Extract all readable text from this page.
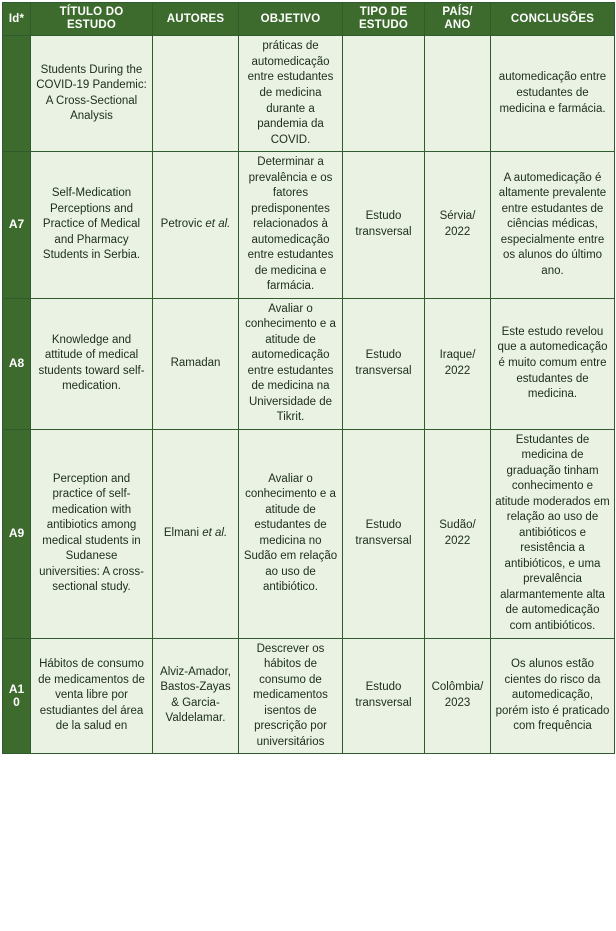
Id*	TÍTULO DO ESTUDO	AUTORES	OBJETIVO	TIPO DE ESTUDO	PAÍS/ ANO	CONCLUSÕES
	Students During the COVID-19 Pandemic: A Cross-Sectional Analysis		práticas de automedicação entre estudantes de medicina durante a pandemia da COVID.			automedicação entre estudantes de medicina e farmácia.
A7	Self-Medication Perceptions and Practice of Medical and Pharmacy Students in Serbia.	Petrovic et al.	Determinar a prevalência e os fatores predisponentes relacionados à automedicação entre estudantes de medicina e farmácia.	Estudo transversal	Sérvia/ 2022	A automedicação é altamente prevalente entre estudantes de ciências médicas, especialmente entre os alunos do último ano.
A8	Knowledge and attitude of medical students toward self-medication.	Ramadan	Avaliar o conhecimento e a atitude de automedicação entre estudantes de medicina na Universidade de Tikrit.	Estudo transversal	Iraque/ 2022	Este estudo revelou que a automedicação é muito comum entre estudantes de medicina.
A9	Perception and practice of self-medication with antibiotics among medical students in Sudanese universities: A cross-sectional study.	Elmani et al.	Avaliar o conhecimento e a atitude de estudantes de medicina no Sudão em relação ao uso de antibiótico.	Estudo transversal	Sudão/ 2022	Estudantes de medicina de graduação tinham conhecimento e atitude moderados em relação ao uso de antibióticos e resistência a antibióticos, e uma prevalência alarmantemente alta de automedicação com antibióticos.
A10	Hábitos de consumo de medicamentos de venta libre por estudiantes del área de la salud en	Alviz-Amador, Bastos-Zayas & Garcia-Valdelamar.	Descrever os hábitos de consumo de medicamentos isentos de prescrição por universitários	Estudo transversal	Colômbia/ 2023	Os alunos estão cientes do risco da automedicação, porém isto é praticado com frequência
